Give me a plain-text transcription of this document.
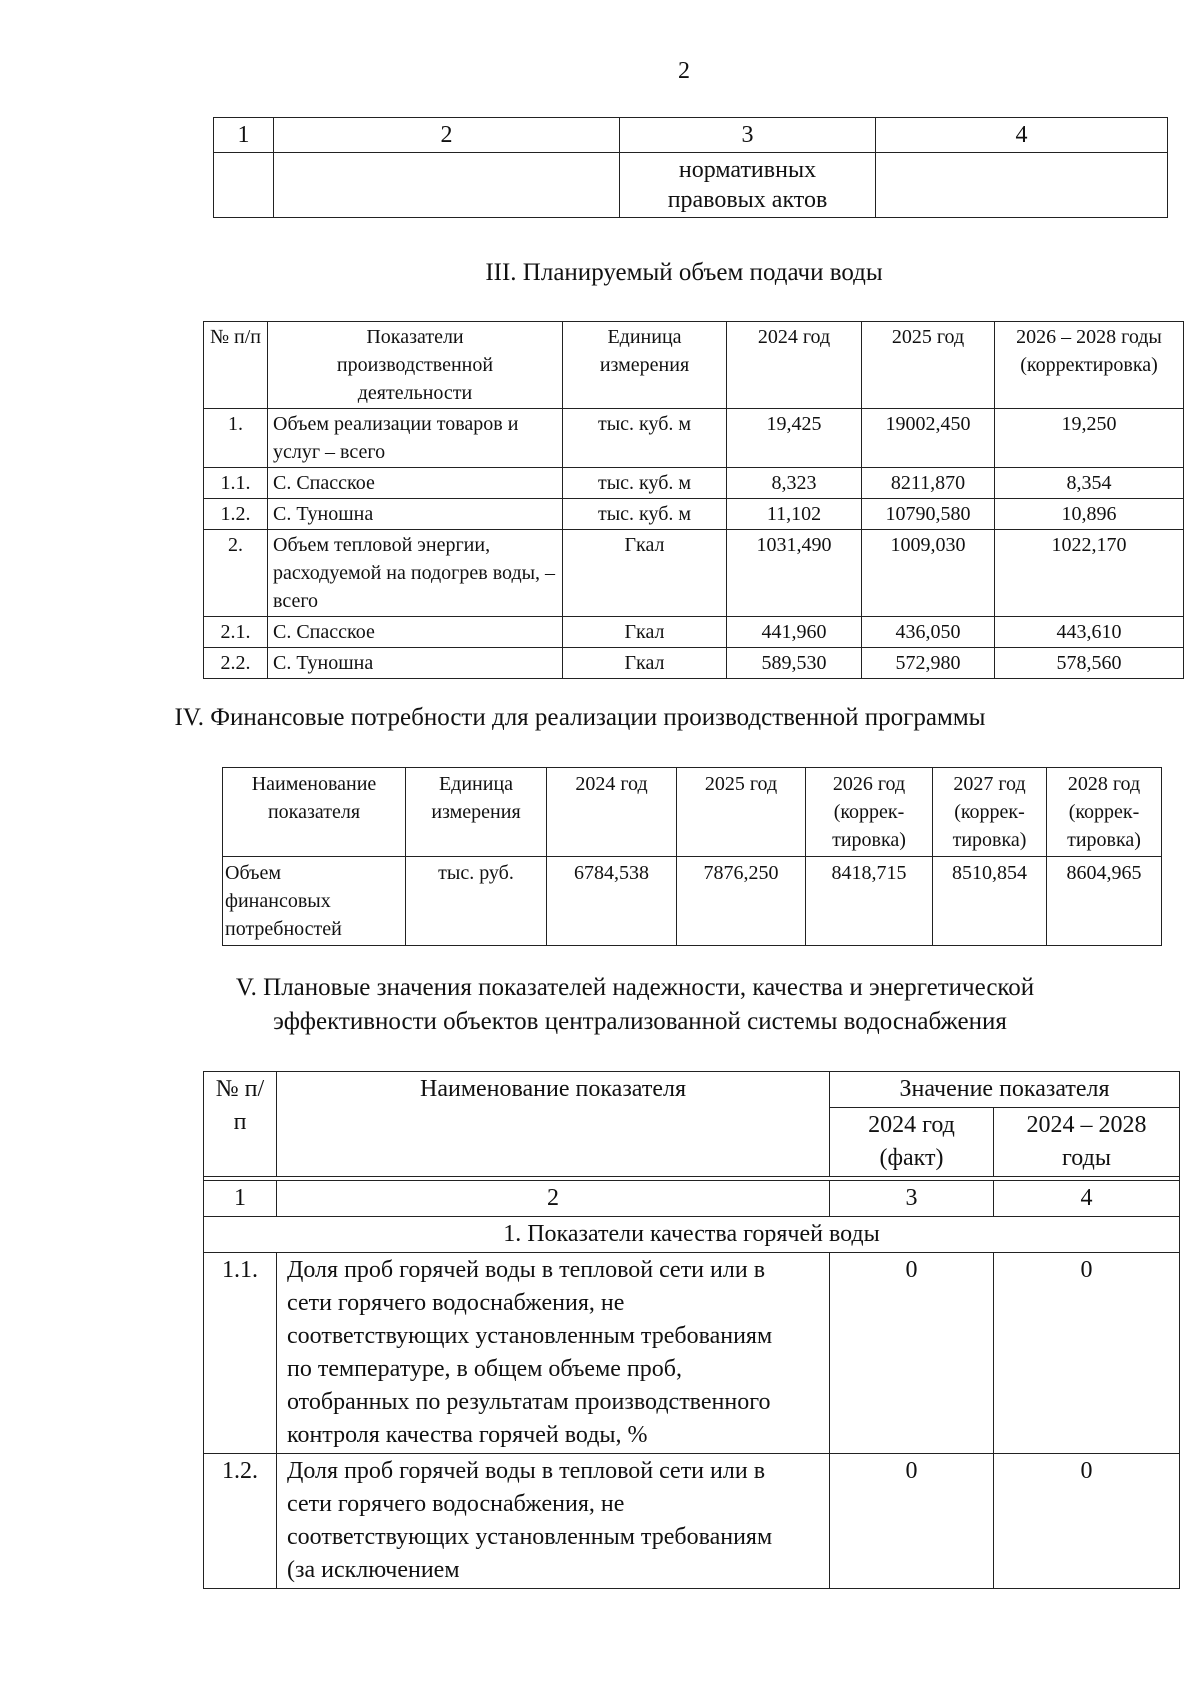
2
1	2	3	4
		нормативных правовых актов	
III. Планируемый объем подачи воды
№ п/п	Показатели производственной деятельности	Единица измерения	2024 год	2025 год	2026 – 2028 годы (корректировка)
1.	Объем реализации товаров и услуг – всего	тыс. куб. м	19,425	19002,450	19,250
1.1.	С. Спасское	тыс. куб. м	8,323	8211,870	8,354
1.2.	С. Туношна	тыс. куб. м	11,102	10790,580	10,896
2.	Объем тепловой энергии, расходуемой на подогрев воды, – всего	Гкал	1031,490	1009,030	1022,170
2.1.	С. Спасское	Гкал	441,960	436,050	443,610
2.2.	С. Туношна	Гкал	589,530	572,980	578,560
IV. Финансовые потребности для реализации производственной программы
Наименование показателя	Единица измерения	2024 год	2025 год	2026 год (коррек-тировка)	2027 год (коррек-тировка)	2028 год (коррек-тировка)
Объем финансовых потребностей	тыс. руб.	6784,538	7876,250	8418,715	8510,854	8604,965
V. Плановые значения показателей надежности, качества и энергетической
эффективности объектов централизованной системы водоснабжения
№ п/п	Наименование показателя	Значение показателя	
		2024 год (факт)	2024 – 2028 годы

1	2	3	4
1. Показатели качества горячей воды			
1.1.	Доля проб горячей воды в тепловой сети или в сети горячего водоснабжения, не соответствующих установленным требованиям по температуре, в общем объеме проб, отобранных по результатам производственного контроля качества горячей воды, %	0	0
1.2.	Доля проб горячей воды в тепловой сети или в сети горячего водоснабжения, не соответствующих установленным требованиям (за исключением	0	0
